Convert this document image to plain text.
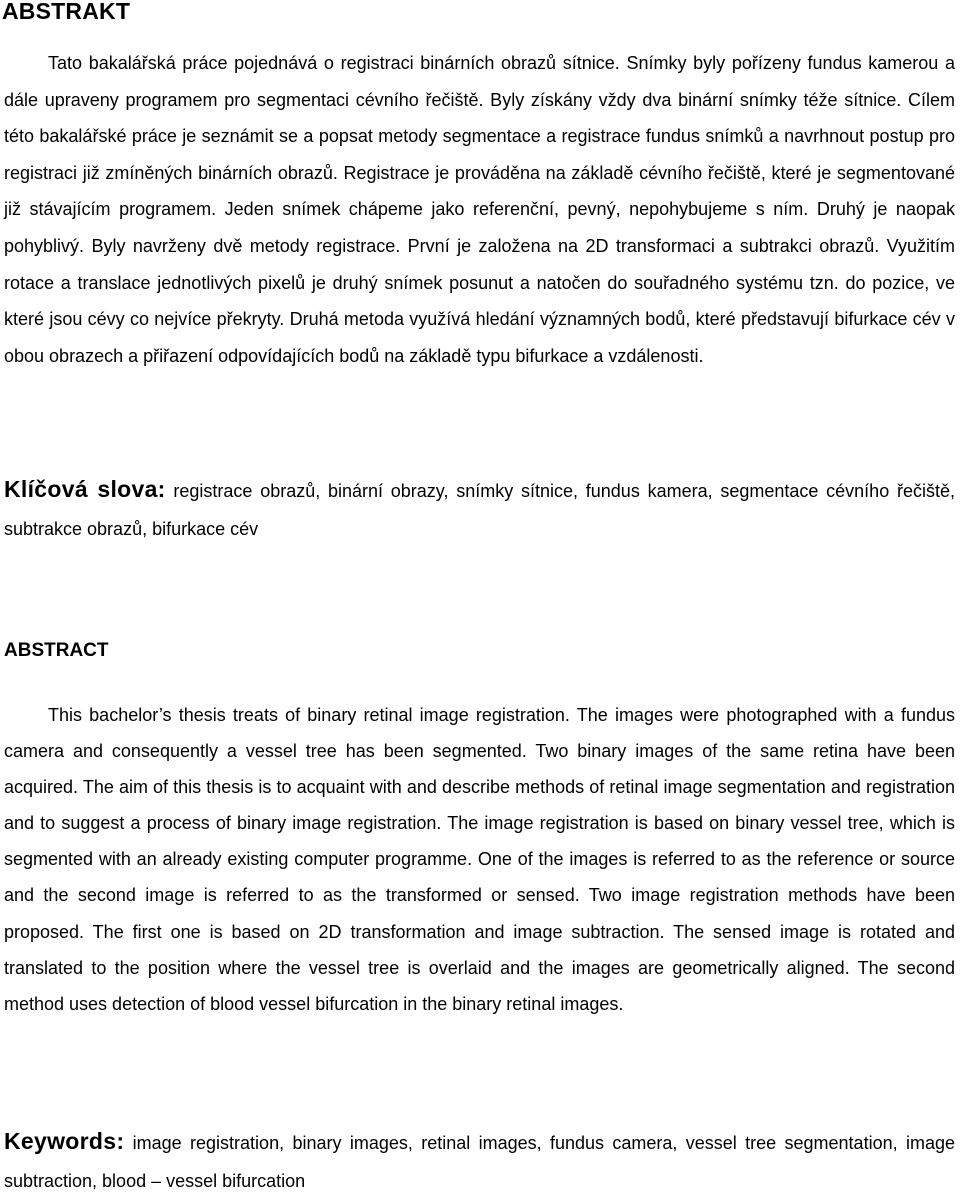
ABSTRAKT

Tato bakalářská práce pojednává o registraci binárních obrazů sítnice. Snímky byly pořízeny fundus kamerou a dále upraveny programem pro segmentaci cévního řečiště. Byly získány vždy dva binární snímky téže sítnice. Cílem této bakalářské práce je seznámit se a popsat metody segmentace a registrace fundus snímků a navrhnout postup pro registraci již zmíněných binárních obrazů. Registrace je prováděna na základě cévního řečiště, které je segmentované již stávajícím programem. Jeden snímek chápeme jako referenční, pevný, nepohybujeme s ním. Druhý je naopak pohyblivý. Byly navrženy dvě metody registrace. První je založena na 2D transformaci a subtrakci obrazů. Využitím rotace a translace jednotlivých pixelů je druhý snímek posunut a natočen do souřadného systému tzn. do pozice, ve které jsou cévy co nejvíce překryty. Druhá metoda využívá hledání významných bodů, které představují bifurkace cév v obou obrazech a přiřazení odpovídajících bodů na základě typu bifurkace a vzdálenosti.

Klíčová slova: registrace obrazů, binární obrazy, snímky sítnice, fundus kamera, segmentace cévního řečiště, subtrakce obrazů, bifurkace cév

ABSTRACT

This bachelor’s thesis treats of binary retinal image registration. The images were photographed with a fundus camera and consequently a vessel tree has been segmented. Two binary images of the same retina have been acquired. The aim of this thesis is to acquaint with and describe methods of retinal image segmentation and registration and to suggest a process of binary image registration. The image registration is based on binary vessel tree, which is segmented with an already existing computer programme. One of the images is referred to as the reference or source and the second image is referred to as the transformed or sensed. Two image registration methods have been proposed. The first one is based on 2D transformation and image subtraction. The sensed image is rotated and translated to the position where the vessel tree is overlaid and the images are geometrically aligned. The second method uses detection of blood vessel bifurcation in the binary retinal images.

Keywords: image registration, binary images, retinal images, fundus camera, vessel tree segmentation, image subtraction, blood – vessel bifurcation
